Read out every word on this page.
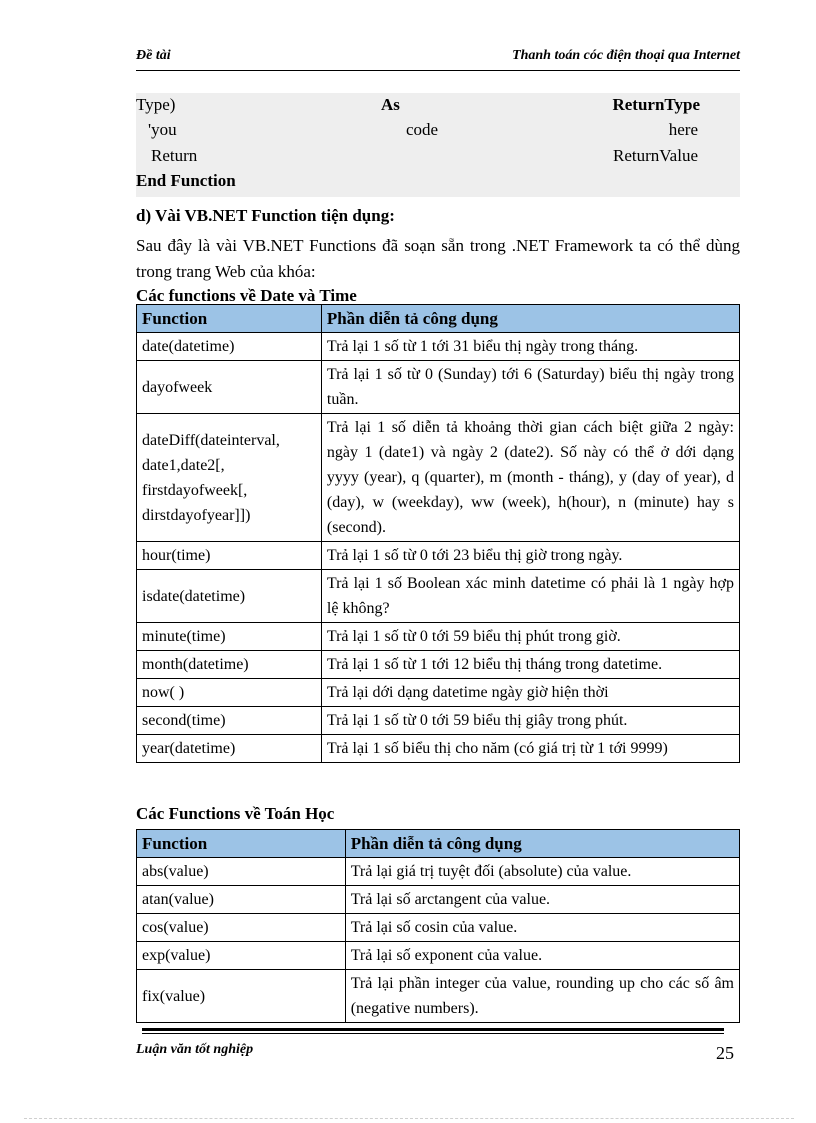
Đề tài	Thanh toán cóc điện thoại qua Internet
Type)	As	ReturnType
'you	code	here
Return	ReturnValue
End Function
d) Vài VB.NET Function tiện dụng:
Sau đây là vài VB.NET Functions đã soạn sẵn trong .NET Framework ta có thể dùng trong trang Web của khóa:
Các functions về Date và Time
Function	Phần diễn tả công dụng
date(datetime)	Trả lại 1 số từ 1 tới 31 biểu thị ngày trong tháng.
dayofweek	Trả lại 1 số từ 0 (Sunday) tới 6 (Saturday) biểu thị ngày trong tuần.
dateDiff(dateinterval, date1,date2[, firstdayofweek[, dirstdayofyear]])	Trả lại 1 số diễn tả khoảng thời gian cách biệt giữa 2 ngày: ngày 1 (date1) và ngày 2 (date2). Số này có thể ở dới dạng yyyy (year), q (quarter), m (month - tháng), y (day of year), d (day), w (weekday), ww (week), h(hour), n (minute) hay s (second).
hour(time)	Trả lại 1 số từ 0 tới 23 biểu thị giờ trong ngày.
isdate(datetime)	Trả lại 1 số Boolean xác minh datetime có phải là 1 ngày hợp lệ không?
minute(time)	Trả lại 1 số từ 0 tới 59 biểu thị phút trong giờ.
month(datetime)	Trả lại 1 số từ 1 tới 12 biểu thị tháng trong datetime.
now( )	Trả lại dới dạng datetime ngày giờ hiện thời
second(time)	Trả lại 1 số từ 0 tới 59 biểu thị giây trong phút.
year(datetime)	Trả lại 1 số biểu thị cho năm (có giá trị từ 1 tới 9999)
Các Functions về Toán Học
Function	Phần diễn tả công dụng
abs(value)	Trả lại giá trị tuyệt đối (absolute) của value.
atan(value)	Trả lại số arctangent của value.
cos(value)	Trả lại số cosin của value.
exp(value)	Trả lại số exponent của value.
fix(value)	Trả lại phần integer của value, rounding up cho các số âm (negative numbers).
Luận văn tốt nghiệp	25
